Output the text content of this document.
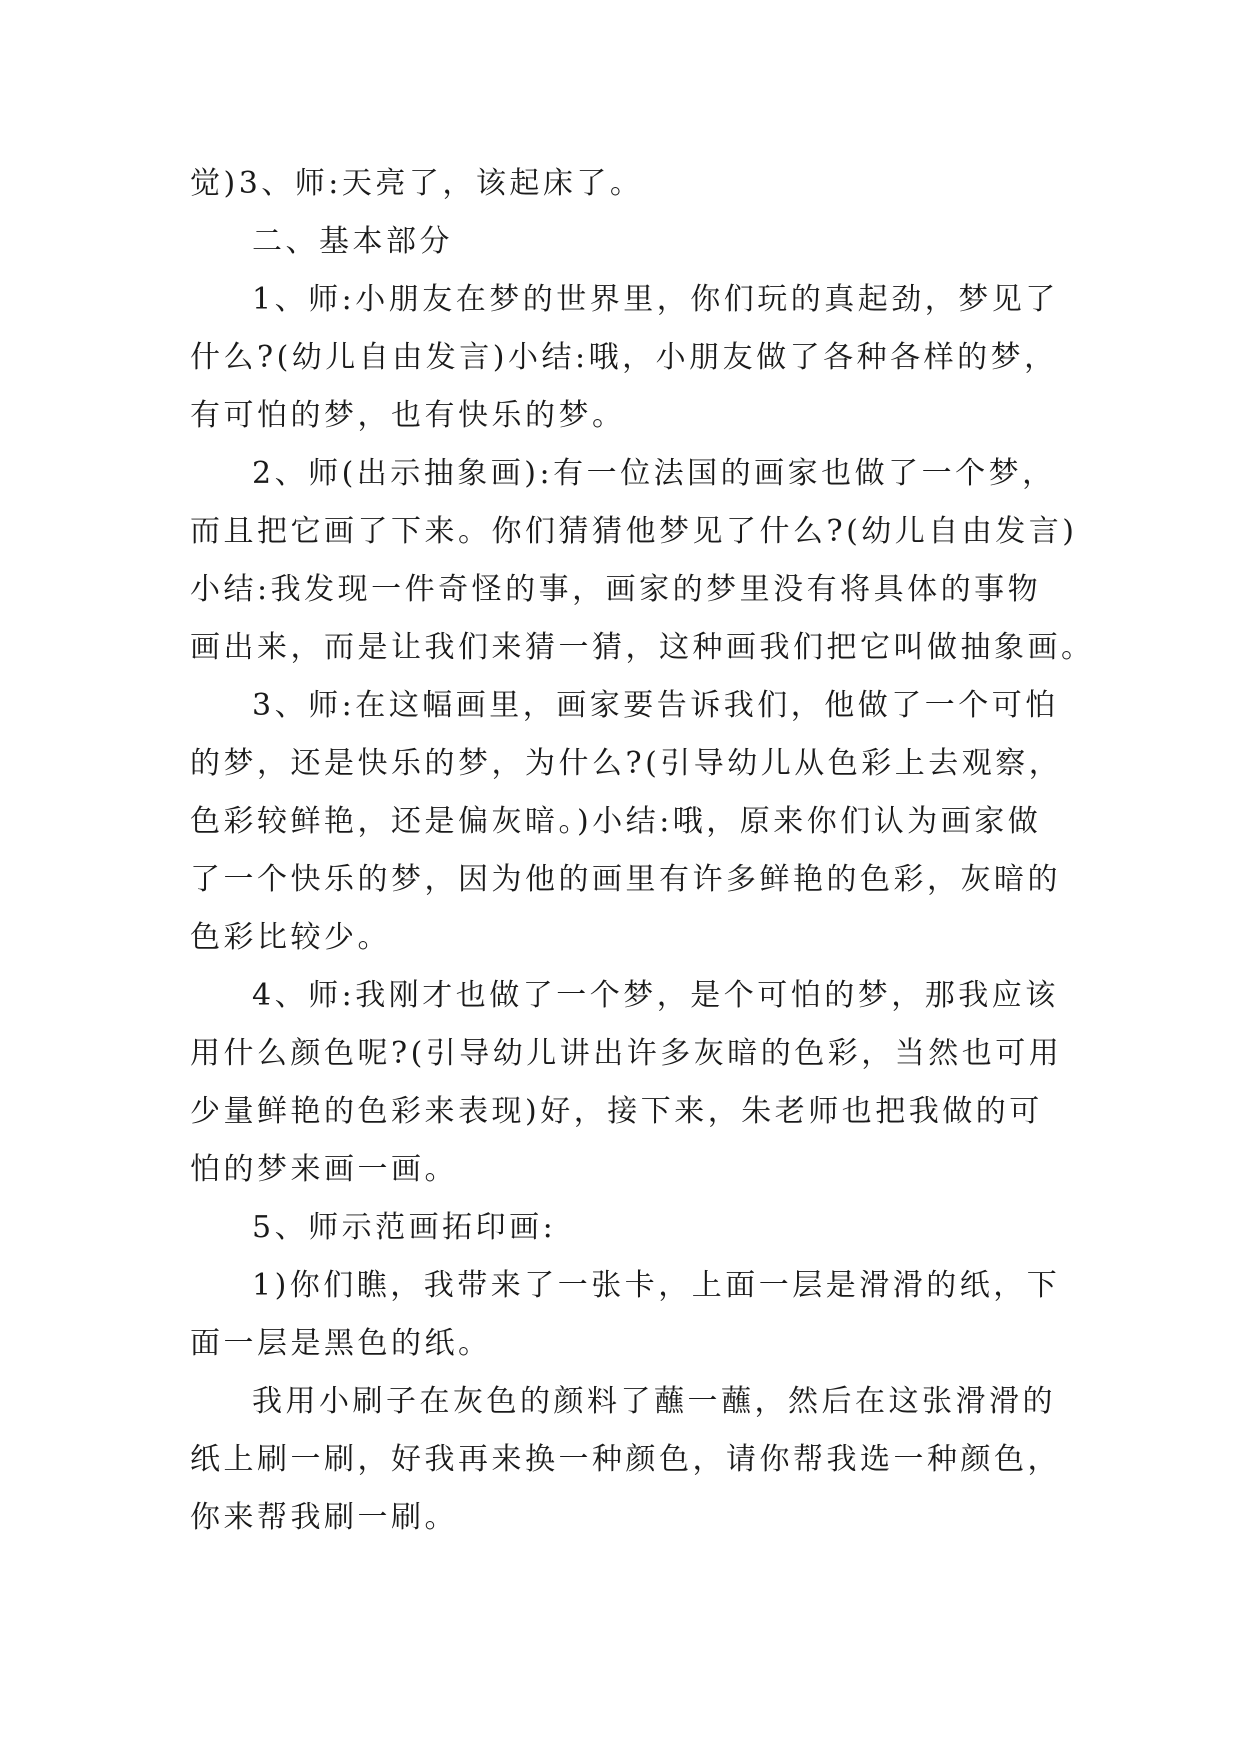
觉)3、师:天亮了，该起床了。
二、基本部分
1、师:小朋友在梦的世界里，你们玩的真起劲，梦见了
什么?(幼儿自由发言)小结:哦，小朋友做了各种各样的梦，
有可怕的梦，也有快乐的梦。
2、师(出示抽象画):有一位法国的画家也做了一个梦，
而且把它画了下来。你们猜猜他梦见了什么?(幼儿自由发言)
小结:我发现一件奇怪的事，画家的梦里没有将具体的事物
画出来，而是让我们来猜一猜，这种画我们把它叫做抽象画。
3、师:在这幅画里，画家要告诉我们，他做了一个可怕
的梦，还是快乐的梦，为什么?(引导幼儿从色彩上去观察，
色彩较鲜艳，还是偏灰暗。)小结:哦，原来你们认为画家做
了一个快乐的梦，因为他的画里有许多鲜艳的色彩，灰暗的
色彩比较少。
4、师:我刚才也做了一个梦，是个可怕的梦，那我应该
用什么颜色呢?(引导幼儿讲出许多灰暗的色彩，当然也可用
少量鲜艳的色彩来表现)好，接下来，朱老师也把我做的可
怕的梦来画一画。
5、师示范画拓印画:
1)你们瞧，我带来了一张卡，上面一层是滑滑的纸，下
面一层是黑色的纸。
我用小刷子在灰色的颜料了蘸一蘸，然后在这张滑滑的
纸上刷一刷，好我再来换一种颜色，请你帮我选一种颜色，
你来帮我刷一刷。
